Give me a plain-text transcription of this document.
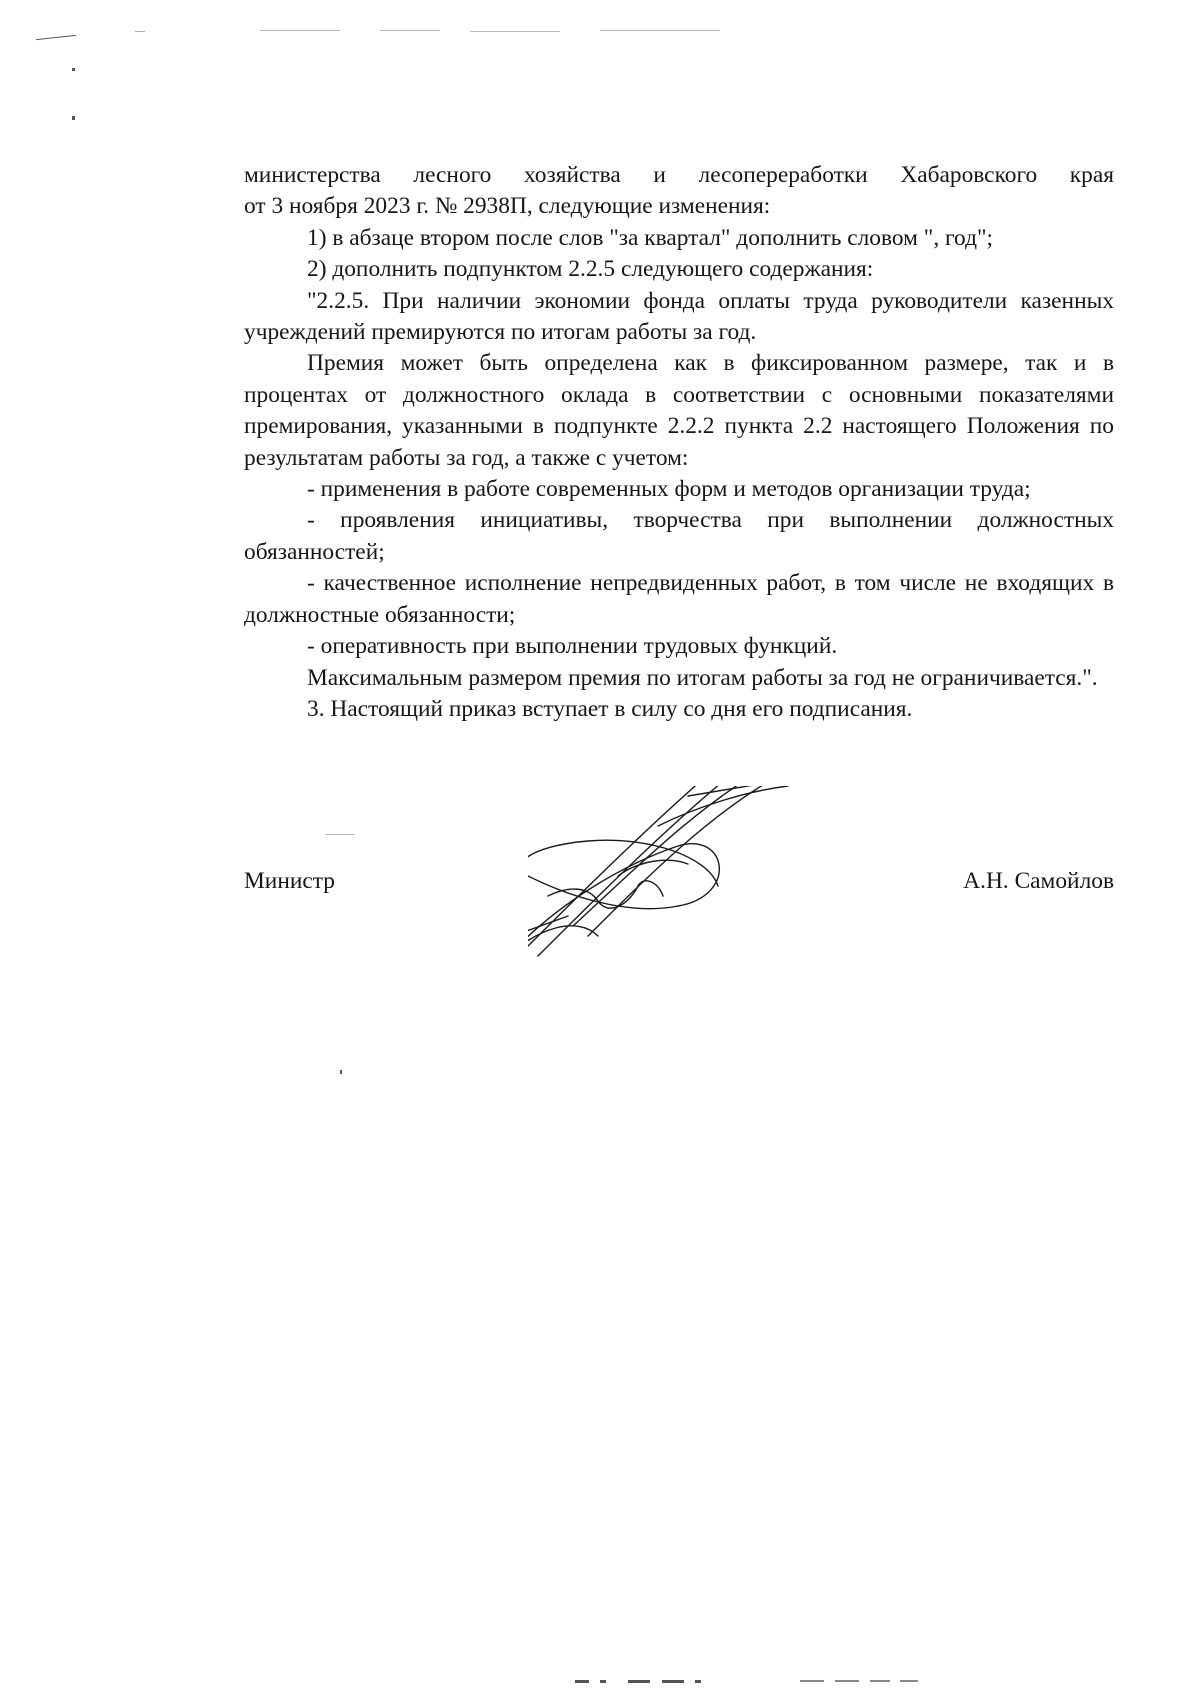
министерства лесного хозяйства и лесопереработки Хабаровского края

от 3 ноября 2023 г. № 2938П, следующие изменения:

1) в абзаце втором после слов "за квартал" дополнить словом ", год";

2) дополнить подпунктом 2.2.5 следующего содержания:

"2.2.5. При наличии экономии фонда оплаты труда руководители казенных учреждений премируются по итогам работы за год.

Премия может быть определена как в фиксированном размере, так и в процентах от должностного оклада в соответствии с основными показателями премирования, указанными в подпункте 2.2.2 пункта 2.2 настоящего Положения по результатам работы за год, а также с учетом:

- применения в работе современных форм и методов организации труда;

- проявления инициативы, творчества при выполнении должностных обязанностей;

- качественное исполнение непредвиденных работ, в том числе не входящих в должностные обязанности;

- оперативность при выполнении трудовых функций.

Максимальным размером премия по итогам работы за год не ограничивается.".

3. Настоящий приказ вступает в силу со дня его подписания.

Министр	А.Н. Самойлов
